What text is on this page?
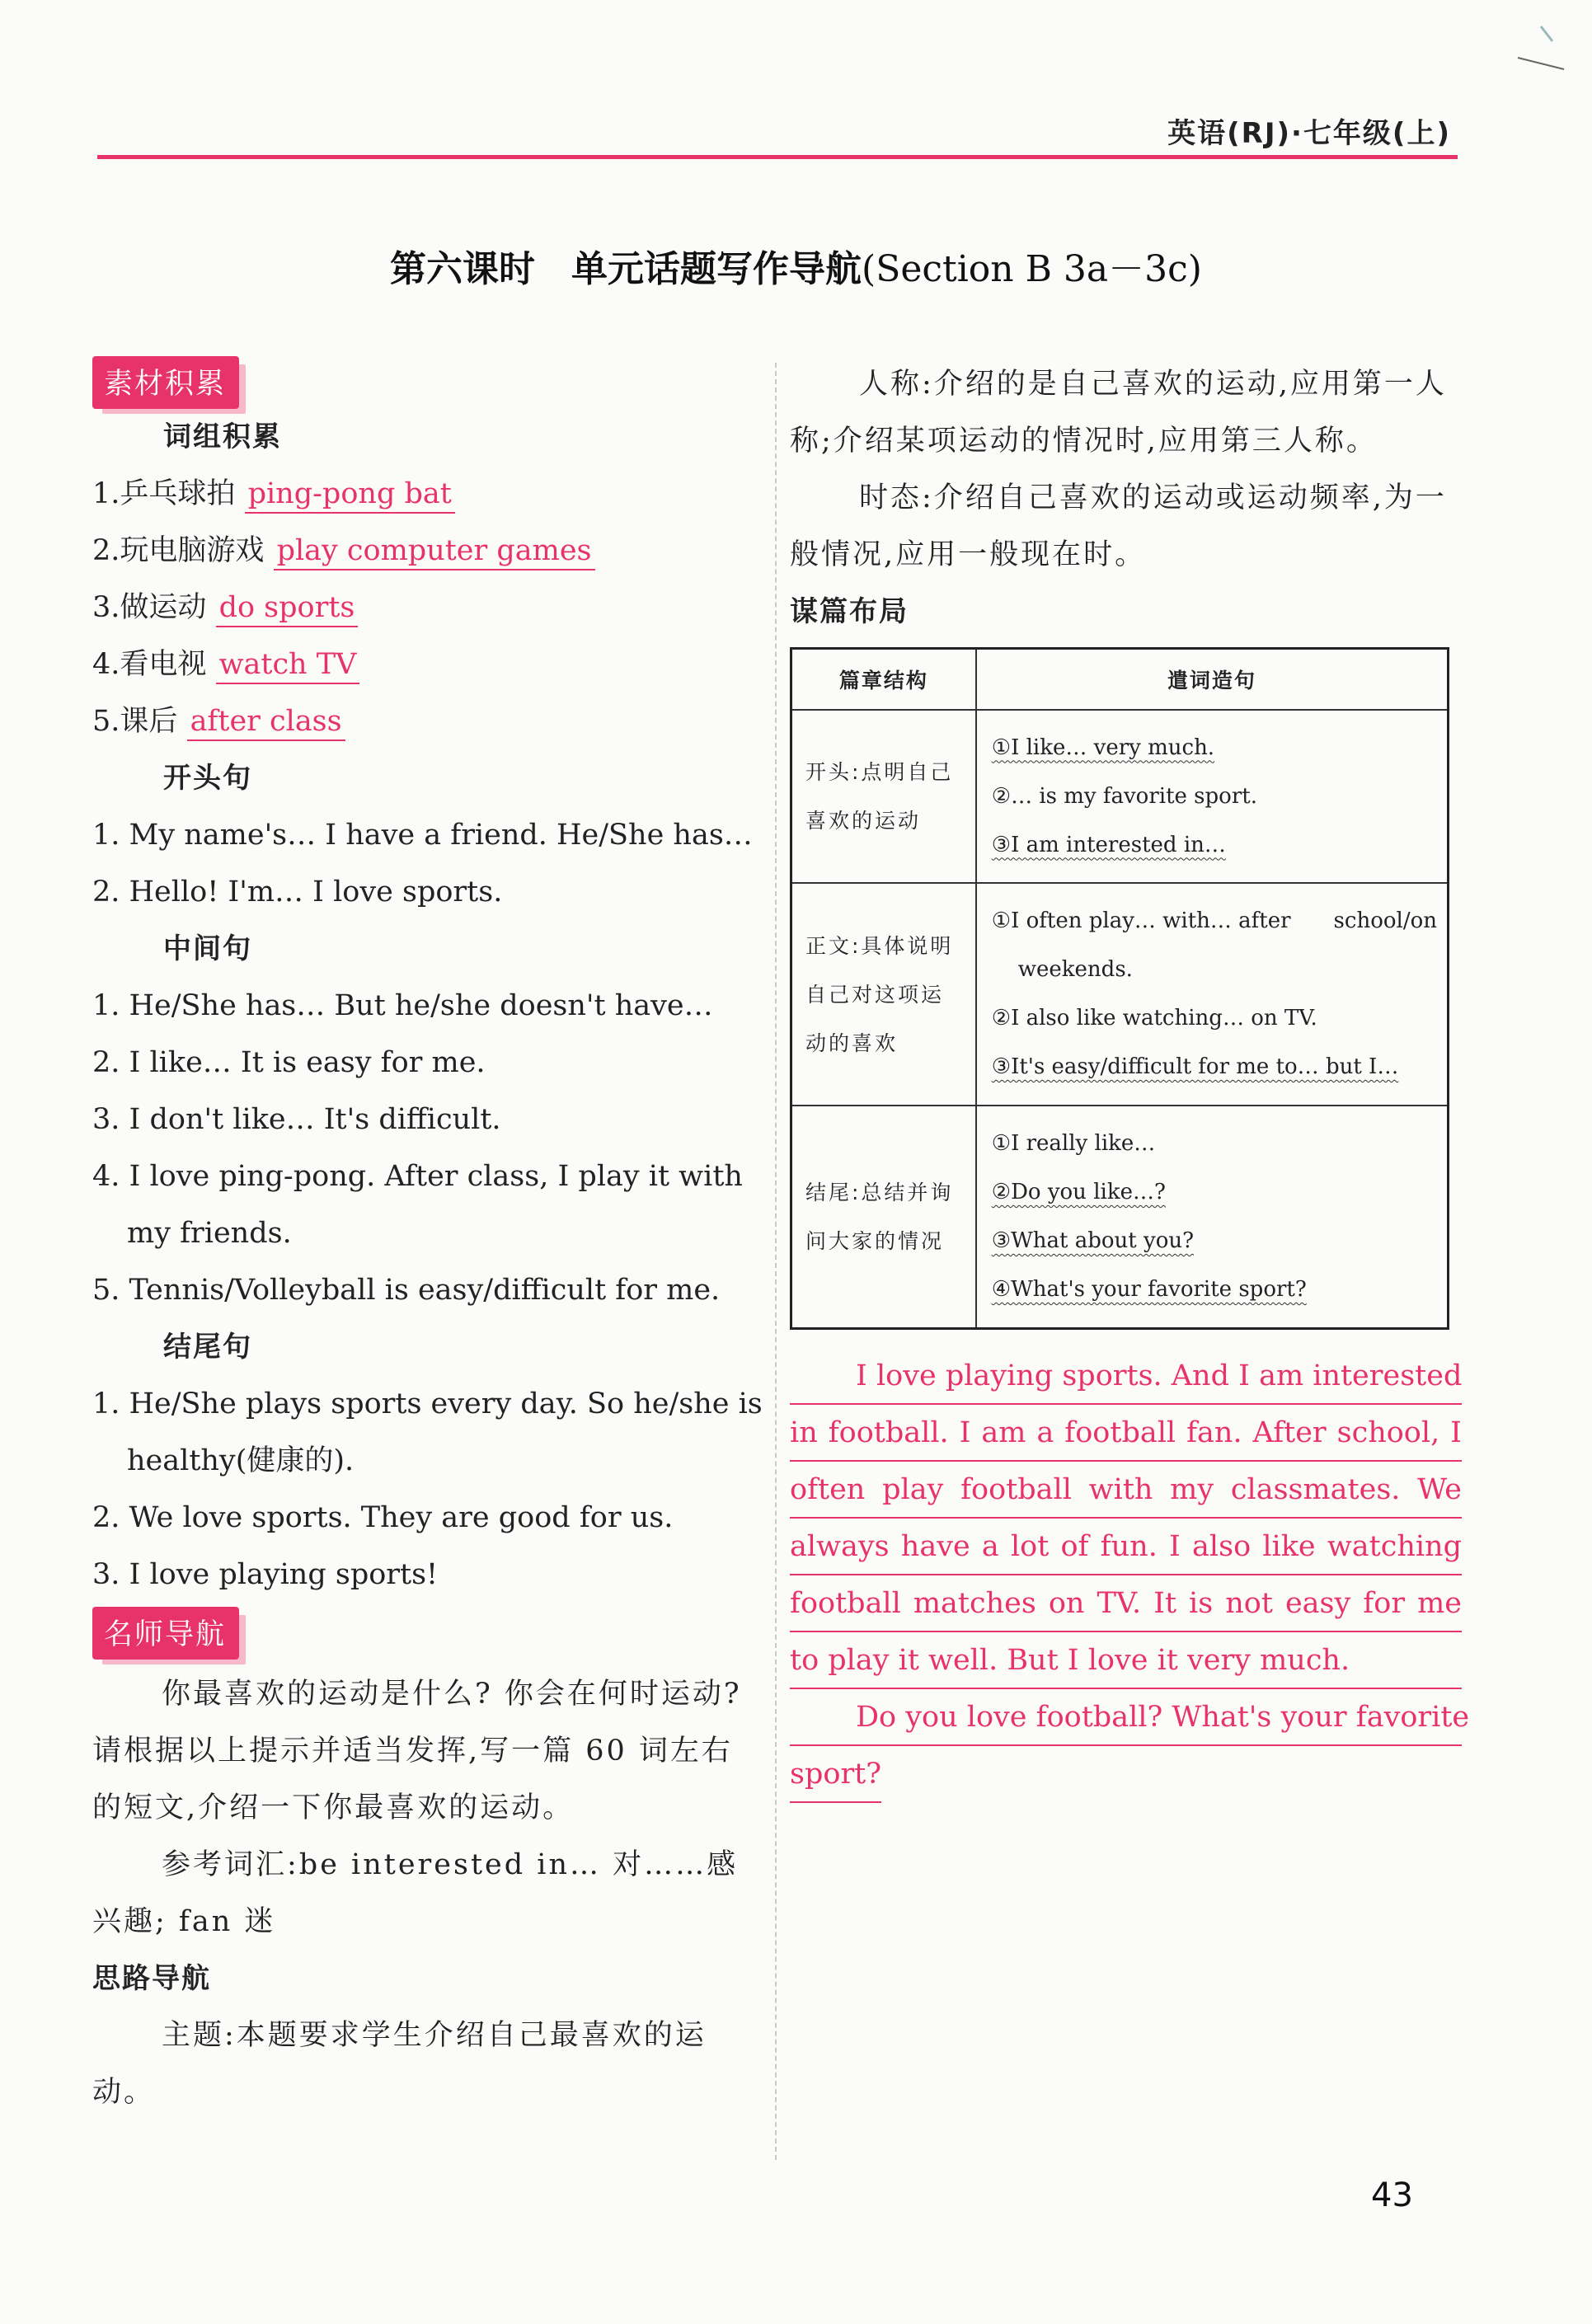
英语(RJ)·七年级(上)
第六课时　单元话题写作导航(Section B 3a－3c)
素材积累
词组积累
1.乒乓球拍 ping-pong bat
2.玩电脑游戏 play computer games
3.做运动 do sports
4.看电视 watch TV
5.课后 after class
开头句
1. My name's… I have a friend. He/She has…
2. Hello! I'm… I love sports.
中间句
1. He/She has… But he/she doesn't have…
2. I like… It is easy for me.
3. I don't like… It's difficult.
4. I love ping-pong. After class, I play it with
my friends.
5. Tennis/Volleyball is easy/difficult for me.
结尾句
1. He/She plays sports every day. So he/she is
healthy(健康的).
2. We love sports. They are good for us.
3. I love playing sports!
名师导航

你最喜欢的运动是什么? 你会在何时运动? 请根据以上提示并适当发挥,写一篇 60 词左右的短文,介绍一下你最喜欢的运动。

参考词汇:be interested in… 对……感兴趣; fan 迷

思路导航

主题:本题要求学生介绍自己最喜欢的运动。

人称:介绍的是自己喜欢的运动,应用第一人称;介绍某项运动的情况时,应用第三人称。

时态:介绍自己喜欢的运动或运动频率,为一般情况,应用一般现在时。

谋篇布局
篇章结构	遣词造句
开头:点明自己喜欢的运动	①I like… very much.
②… is my favorite sport.
③I am interested in…

正文:具体说明自己对这项运动的喜欢	①I often play… with… after　　school/on
weekends.
②I also like watching… on TV.
③It's easy/difficult for me to… but I…

结尾:总结并询问大家的情况	①I really like…
②Do you like…?
③What about you?
④What's your favorite sport?
I love playing sports. And I am interested
in football. I am a football fan. After school, I
often play football with my classmates. We
always have a lot of fun. I also like watching
football matches on TV. It is not easy for me
to play it well. But I love it very much.
Do you love football? What's your favorite
sport?
43
